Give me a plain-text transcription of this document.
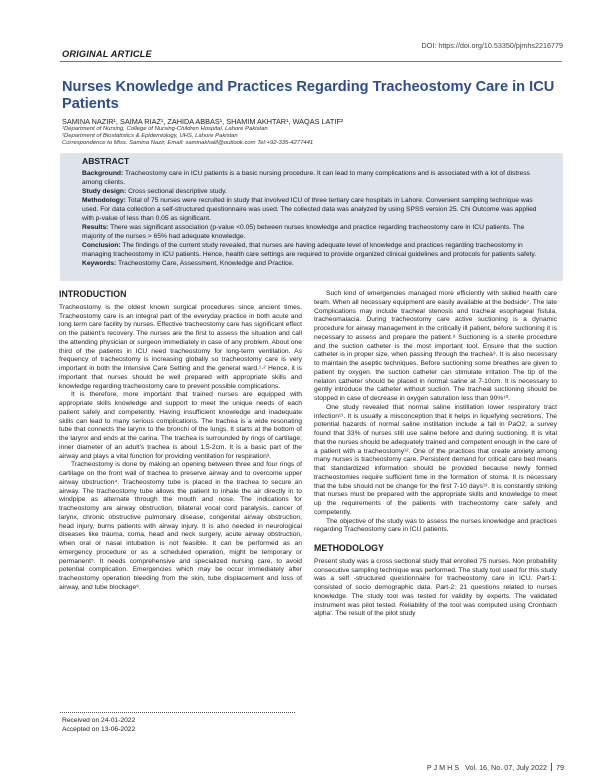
DOI: https://doi.org/10.53350/pjmhs2216779
ORIGINAL ARTICLE
Nurses Knowledge and Practices Regarding Tracheostomy Care in ICU Patients
SAMINA NAZIR¹, SAIMA RIAZ¹, ZAHIDA ABBAS¹, SHAMIM AKHTAR¹, WAQAS LATIF²
¹Department of Nursing, College of Nursing-Children Hospital, Lahore Pakistan
²Department of Biostatistics & Epidemiology, UHS, Lahore Pakistan
Correspondence to Miss. Samina Nazir, Email: saminakhalil@outlook.com Tel:+92-335-4277441
ABSTRACT

Background: Tracheostomy care in ICU patients is a basic nursing procedure. It can lead to many complications and is associated with a lot of distress among clients.

Study design: Cross sectional descriptive study.

Methodology: Total of 75 nurses were recruited in study that involved ICU of three tertiary care hospitals in Lahore. Convenient sampling technique was used. For data collection a self-structured questionnaire was used. The collected data was analyzed by using SPSS version 25. Chi Outcome was applied with p-value of less than 0.05 as significant.

Results: There was significant association (p-value <0.05) between nurses knowledge and practice regarding tracheostomy care in ICU patients. The majority of the nurses > 65% had adequate knowledge.

Conclusion: The findings of the current study revealed, that nurses are having adequate level of knowledge and practices regarding tracheostomy in managing tracheostomy in ICU patients. Hence, health care settings are required to provide organized clinical guidelines and protocols for patients safety.

Keywords: Tracheostomy Care, Assessment, Knowledge and Practice.

INTRODUCTION

Tracheostomy is the oldest known surgical procedures since ancient times. Tracheostomy care is an integral part of the everyday practice in both acute and long term care facility by nurses. Effective tracheostomy care has significant effect on the patient's recovery. The nurses are the first to assess the situation and call the attending physician or surgeon immediately in case of any problem. About one third of the patients in ICU need tracheostomy for long-term ventilation. As frequency of tracheostomy is increasing globally so tracheostomy care is very important in both the Intensive Care Setting and the general ward.¹·² Hence, it is important that nurses should be well prepared with appropriate skills and knowledge regarding tracheostomy care to prevent possible complications.

It is therefore, more important that trained nurses are equipped with appropriate skills knowledge and support to meet the unique needs of each patient safely and competently. Having insufficient knowledge and inadequate skills can lead to many serious complications. The trachea is a wide resonating tube that connects the larynx to the bronchi of the lungs. It starts at the bottom of the larynx and ends at the carina. The trachea is surrounded by rings of cartilage; inner diameter of an adult's trachea is about 1.5-2cm. It is a basic part of the airway and plays a vital function for providing ventilation for respiration³.

Tracheostomy is done by making an opening between three and four rings of cartilage on the front wall of trachea to preserve airway and to overcome upper airway obstruction⁴. Tracheostomy tube is placed in the trachea to secure an airway. The tracheostomy tube allows the patient to inhale the air directly in to windpipe as alternate through the mouth and nose. The indications for tracheostomy are airway obstruction, bilateral vocal cord paralysis, cancer of larynx, chronic obstructive pulmonary disease, congenital airway obstruction, head injury, burns patients with airway injury. It is also needed in neurological diseases like trauma, coma, head and neck surgery, acute airway obstruction, when oral or nasal intubation is not feasible. It can be performed as an emergency procedure or as a scheduled operation, might be temporary or permanent⁵. It needs comprehensive and specialized nursing care, to avoid potential complication. Emergencies which may be occur immediately after tracheostomy operation bleeding from the skin, tube displacement and loss of airway, and tube blockage⁶.

Received on 24-01-2022
Accepted on 13-06-2022

Such kind of emergencies managed more efficiently with skilled health care team. When all necessary equipment are easily available at the bedside⁷. The late Complications may include tracheal stenosis and tracheal esophageal fistula, tracheomalacia. During tracheostomy care active suctioning is a dynamic procedure for airway management in the critically ill patient, before suctioning it is necessary to assess and prepare the patient.⁸ Suctioning is a sterile procedure and the suction catheter is the most important tool. Ensure that the suction catheter is in proper size, when passing through the trachea⁹. It is also necessary to maintain the aseptic techniques. Before suctioning some breathes are given to patient by oxygen. the suction catheter can stimulate irritation The tip of the nelaton catheter should be placed in normal saline at 7-10cm. It is necessary to gently introduce the catheter without suction. The tracheal suctioning should be stopped in case of decrease in oxygen saturation less than 90%¹⁰.

One study revealed that normal saline instillation lower respiratory tract infection¹¹. It is usually a misconception that it helps in liquefying secretions. The potential hazards of normal saline instillation include a fall in PaO2; a survey found that 33% of nurses still use saline before and during suctioning. It is vital that the nurses should be adequately trained and competent enough in the care of a patient with a tracheostomy¹². One of the practices that create anxiety among many nurses is tracheostomy care. Persistent demand for critical care bed means that standardized information should be provided because newly formed tracheostomies require sufficient time in the formation of stoma. It is necessary that the tube should not be change for the first 7-10 days¹³. It is constantly striking that nurses must be prepared with the appropriate skills and knowledge to meet up the requirements of the patients with tracheostomy care safely and competently.

The objective of the study was to assess the nurses knowledge and practices regarding Tracheostomy care in ICU patients.

METHODOLOGY

Present study was a cross sectional study that enrolled 75 nurses. Non probability consecutive sampling technique was performed. The study tool used for this study was a self -structured questionnaire for tracheostomy care in ICU. Part-1: consisted of socio demographic data. Part-2: 21 questions related to nurses knowledge. The study tool was tested for validity by experts. The validated instrument was pilot tested. Reliability of the tool was computed using Cronbach alpha'. The result of the pilot study

P J M H S Vol. 16, No. 07, July 2022 79
